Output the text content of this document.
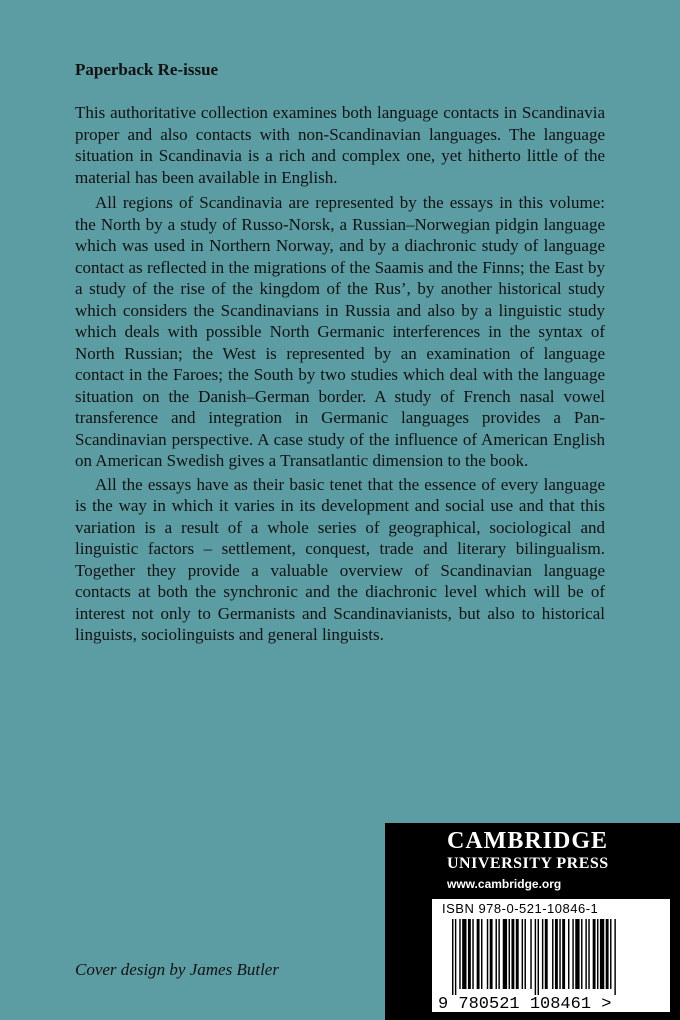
Paperback Re-issue

This authoritative collection examines both language contacts in Scandinavia proper and also contacts with non-Scandinavian languages. The language situation in Scandinavia is a rich and complex one, yet hitherto little of the material has been available in English.

All regions of Scandinavia are represented by the essays in this volume: the North by a study of Russo-Norsk, a Russian–Norwegian pidgin language which was used in Northern Norway, and by a diachronic study of language contact as reflected in the migrations of the Saamis and the Finns; the East by a study of the rise of the kingdom of the Rus’, by another historical study which considers the Scandinavians in Russia and also by a linguistic study which deals with possible North Germanic interferences in the syntax of North Russian; the West is represented by an examination of language contact in the Faroes; the South by two studies which deal with the language situation on the Danish–German border. A study of French nasal vowel transference and integration in Germanic languages provides a Pan-Scandinavian perspective. A case study of the influence of American English on American Swedish gives a Transatlantic dimension to the book.

All the essays have as their basic tenet that the essence of every language is the way in which it varies in its development and social use and that this variation is a result of a whole series of geographical, sociological and linguistic factors – settlement, conquest, trade and literary bilingualism. Together they provide a valuable overview of Scandinavian language contacts at both the synchronic and the diachronic level which will be of interest not only to Germanists and Scandinavianists, but also to historical linguists, sociolinguists and general linguists.

Cover design by James Butler
CAMBRIDGE
UNIVERSITY PRESS
www.cambridge.org
ISBN 978-0-521-10846-1
9 780521 108461 >
